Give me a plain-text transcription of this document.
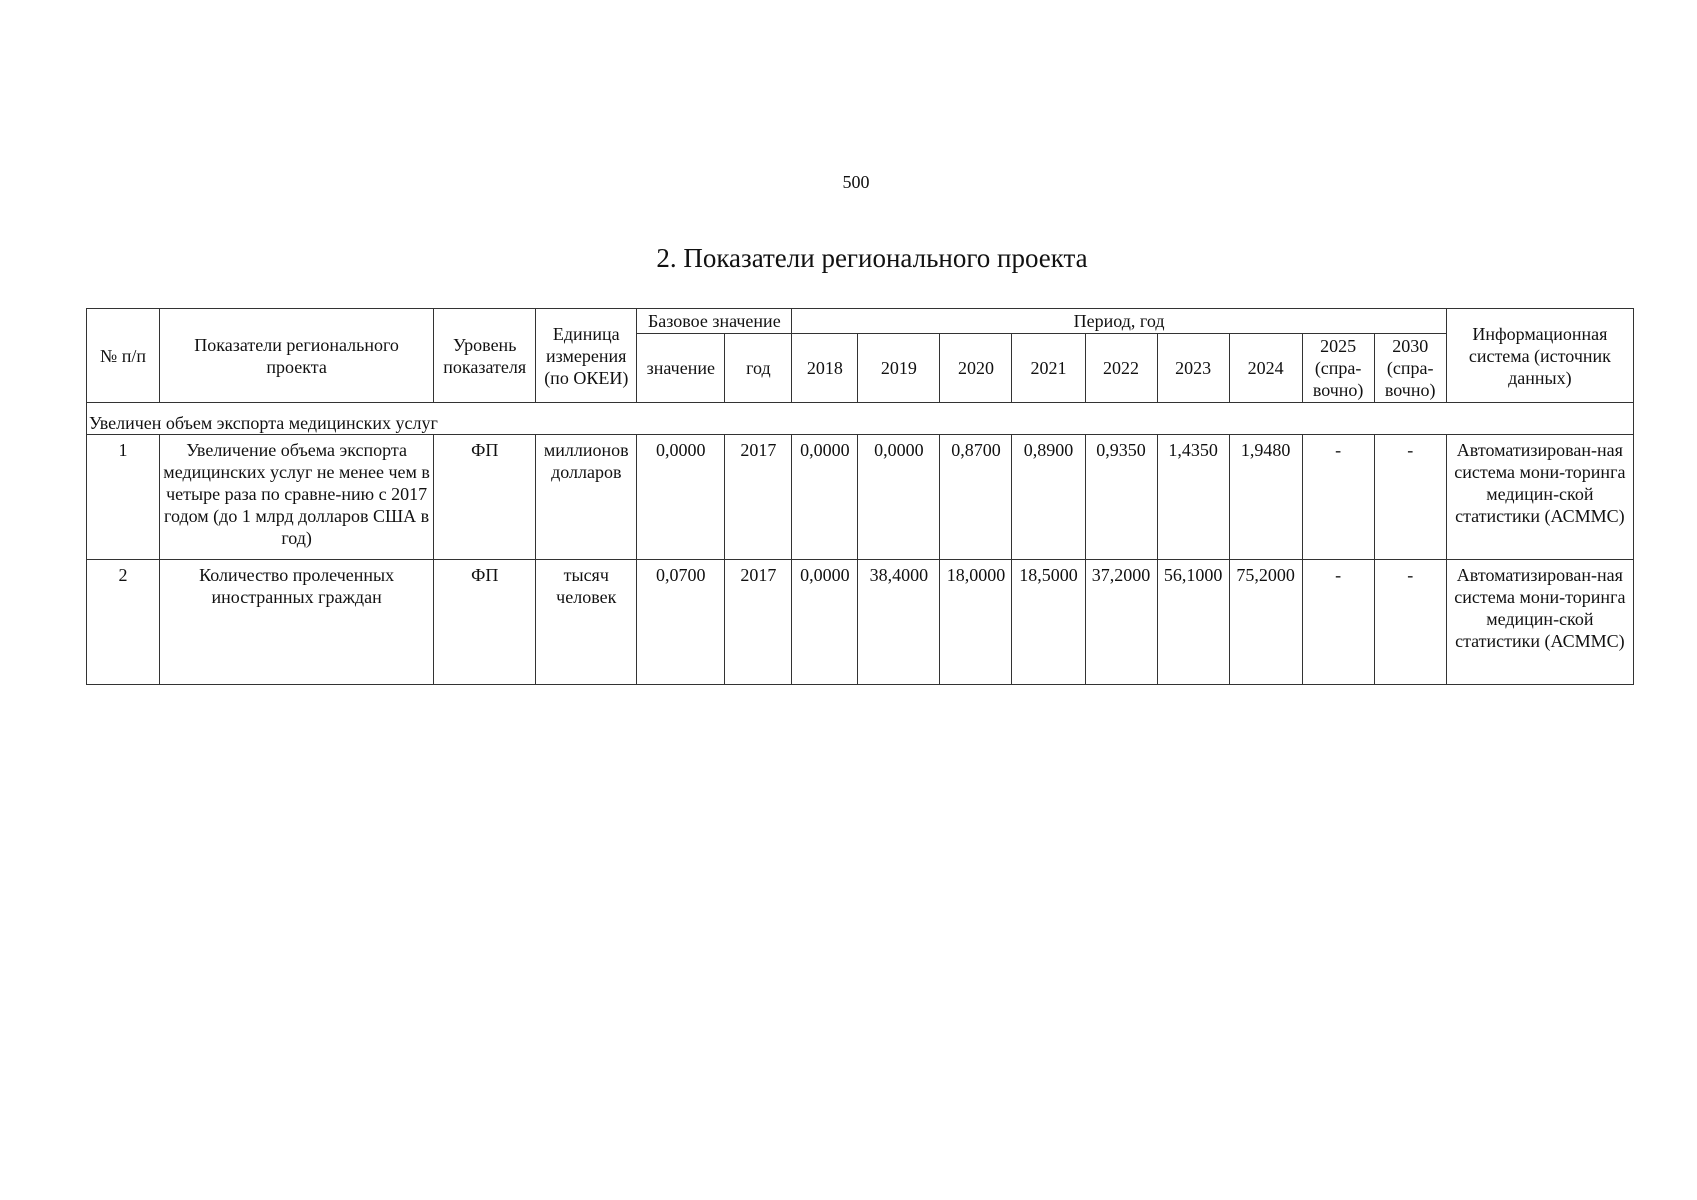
500
2. Показатели регионального проекта
№ п/п	Показатели регионального проекта	Уровень показателя	Единица измерения (по ОКЕИ)	Базовое значение		Период, год									Информационная система (источник данных)
				значение	год	2018	2019	2020	2021	2022	2023	2024	2025 (спра-вочно)	2030 (спра-вочно)	
Увеличен объем экспорта медицинских услуг															
1	Увеличение объема экспорта медицинских услуг не менее чем в четыре раза по сравне-нию с 2017 годом (до 1 млрд долларов США в год)	ФП	миллионов долларов	0,0000	2017	0,0000	0,0000	0,8700	0,8900	0,9350	1,4350	1,9480	-	-	Автоматизирован-ная система мони-торинга медицин-ской статистики (АСММС)
2	Количество пролеченных иностранных граждан	ФП	тысяч человек	0,0700	2017	0,0000	38,4000	18,0000	18,5000	37,2000	56,1000	75,2000	-	-	Автоматизирован-ная система мони-торинга медицин-ской статистики (АСММС)
